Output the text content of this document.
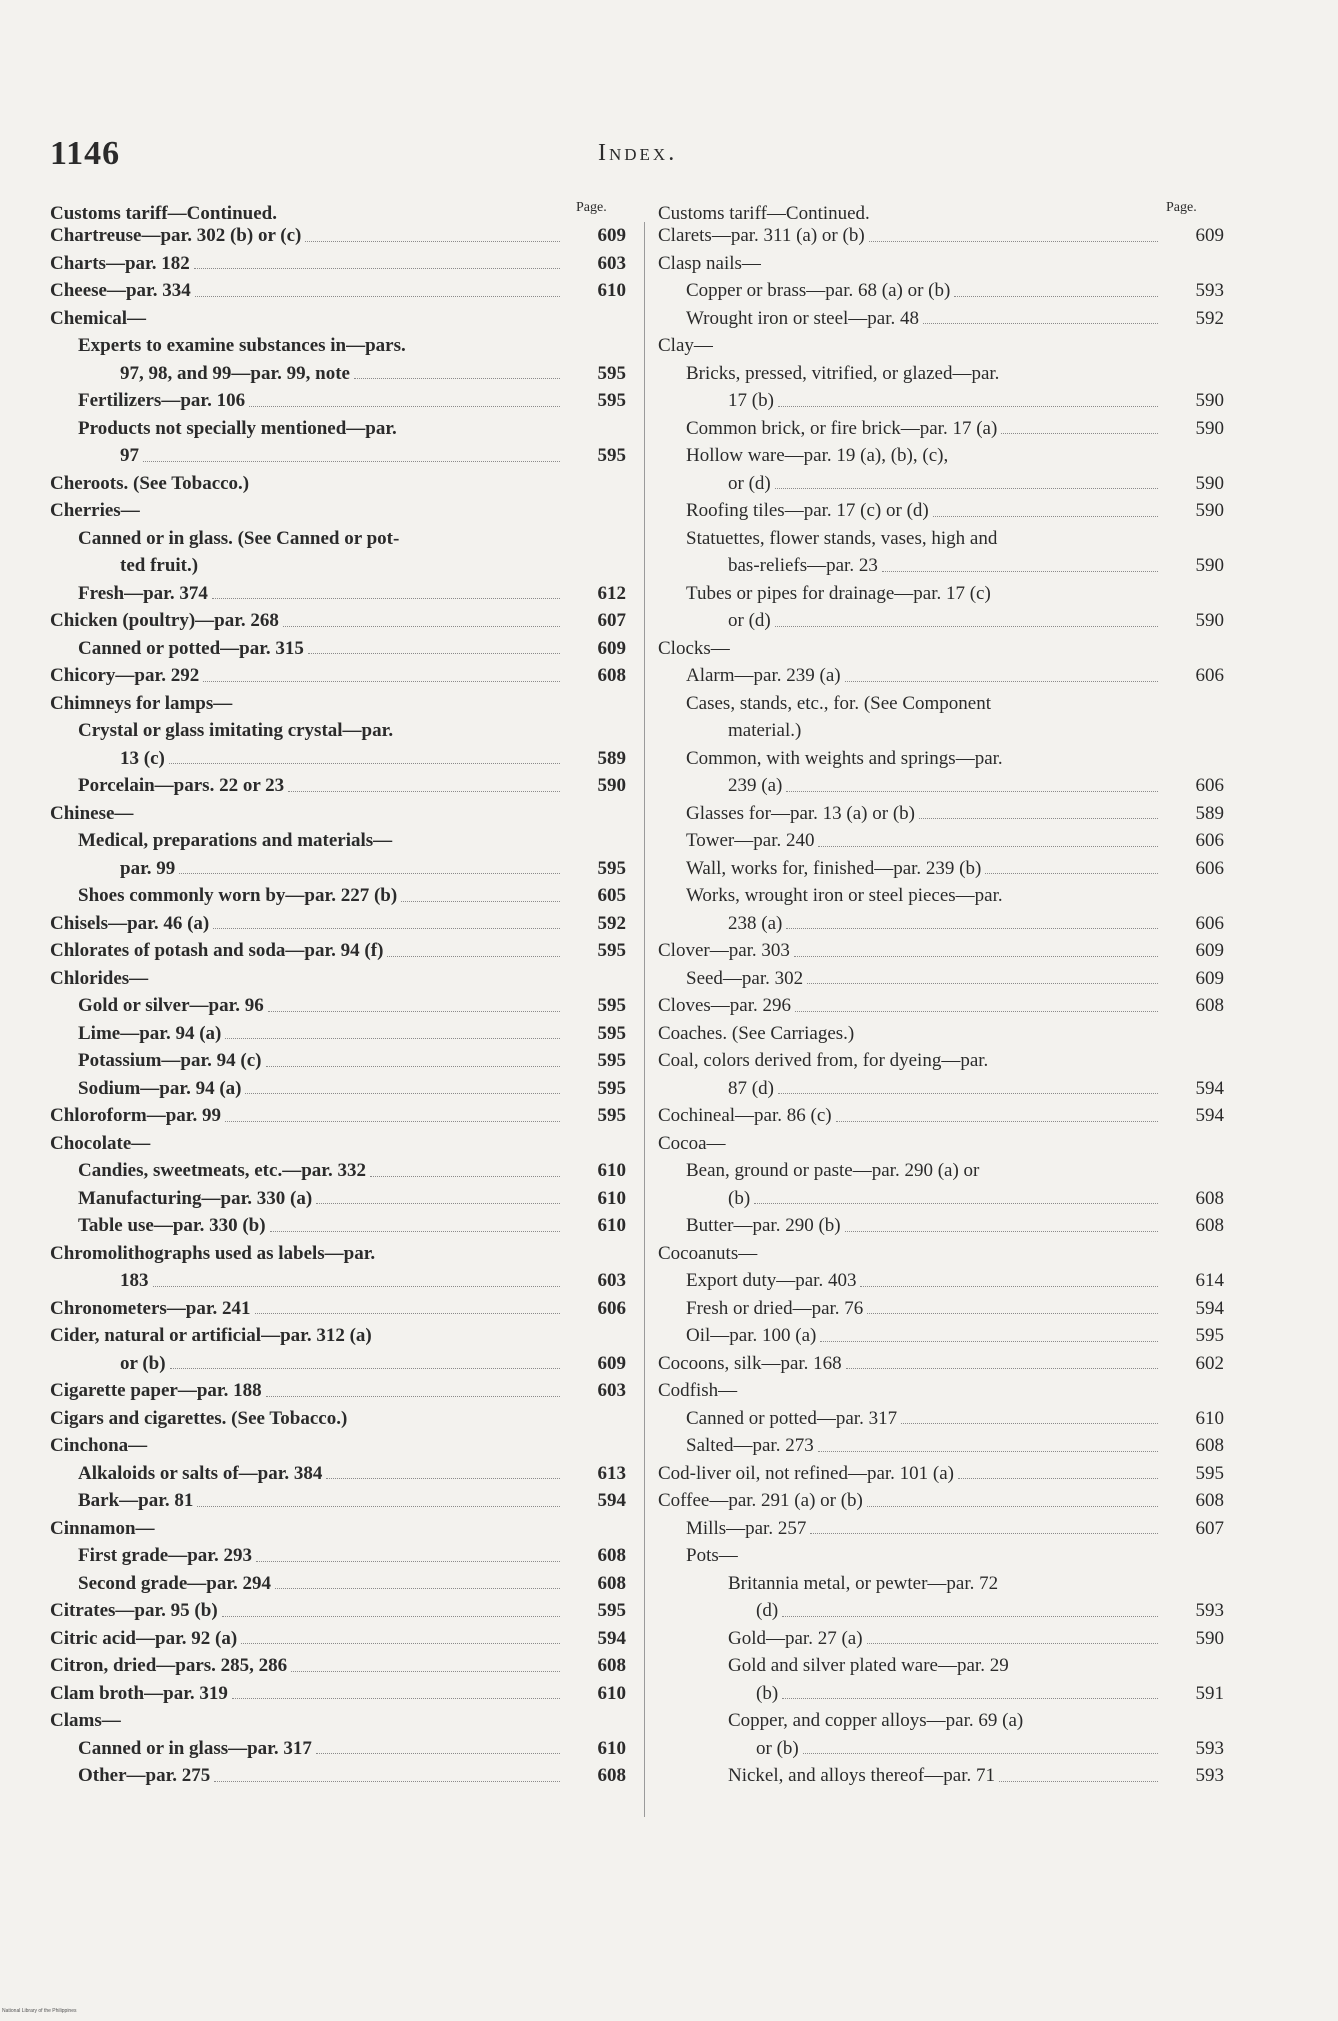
1146	Index.
Customs tariff—Continued.
Chartreuse—par. 302 (b) or (c)	609
Charts—par. 182	603
Cheese—par. 334	610
Chemical—
Experts to examine substances in—pars.
97, 98, and 99—par. 99, note	595
Fertilizers—par. 106	595
Products not specially mentioned—par.
97	595
Cheroots. (See Tobacco.)
Cherries—
Canned or in glass. (See Canned or pot-
ted fruit.)
Fresh—par. 374	612
Chicken (poultry)—par. 268	607
Canned or potted—par. 315	609
Chicory—par. 292	608
Chimneys for lamps—
Crystal or glass imitating crystal—par.
13 (c)	589
Porcelain—pars. 22 or 23	590
Chinese—
Medical, preparations and materials—
par. 99	595
Shoes commonly worn by—par. 227 (b)	605
Chisels—par. 46 (a)	592
Chlorates of potash and soda—par. 94 (f)	595
Chlorides—
Gold or silver—par. 96	595
Lime—par. 94 (a)	595
Potassium—par. 94 (c)	595
Sodium—par. 94 (a)	595
Chloroform—par. 99	595
Chocolate—
Candies, sweetmeats, etc.—par. 332	610
Manufacturing—par. 330 (a)	610
Table use—par. 330 (b)	610
Chromolithographs used as labels—par.
183	603
Chronometers—par. 241	606
Cider, natural or artificial—par. 312 (a)
or (b)	609
Cigarette paper—par. 188	603
Cigars and cigarettes. (See Tobacco.)
Cinchona—
Alkaloids or salts of—par. 384	613
Bark—par. 81	594
Cinnamon—
First grade—par. 293	608
Second grade—par. 294	608
Citrates—par. 95 (b)	595
Citric acid—par. 92 (a)	594
Citron, dried—pars. 285, 286	608
Clam broth—par. 319	610
Clams—
Canned or in glass—par. 317	610
Other—par. 275	608
Page.	Customs tariff—Continued.
Clarets—par. 311 (a) or (b)	609
Clasp nails—
Copper or brass—par. 68 (a) or (b)	593
Wrought iron or steel—par. 48	592
Clay—
Bricks, pressed, vitrified, or glazed—par.
17 (b)	590
Common brick, or fire brick—par. 17 (a)	590
Hollow ware—par. 19 (a), (b), (c),
or (d)	590
Roofing tiles—par. 17 (c) or (d)	590
Statuettes, flower stands, vases, high and
bas-reliefs—par. 23	590
Tubes or pipes for drainage—par. 17 (c)
or (d)	590
Clocks—
Alarm—par. 239 (a)	606
Cases, stands, etc., for. (See Component
material.)
Common, with weights and springs—par.
239 (a)	606
Glasses for—par. 13 (a) or (b)	589
Tower—par. 240	606
Wall, works for, finished—par. 239 (b)	606
Works, wrought iron or steel pieces—par.
238 (a)	606
Clover—par. 303	609
Seed—par. 302	609
Cloves—par. 296	608
Coaches. (See Carriages.)
Coal, colors derived from, for dyeing—par.
87 (d)	594
Cochineal—par. 86 (c)	594
Cocoa—
Bean, ground or paste—par. 290 (a) or
(b)	608
Butter—par. 290 (b)	608
Cocoanuts—
Export duty—par. 403	614
Fresh or dried—par. 76	594
Oil—par. 100 (a)	595
Cocoons, silk—par. 168	602
Codfish—
Canned or potted—par. 317	610
Salted—par. 273	608
Cod-liver oil, not refined—par. 101 (a)	595
Coffee—par. 291 (a) or (b)	608
Mills—par. 257	607
Pots—
Britannia metal, or pewter—par. 72
(d)	593
Gold—par. 27 (a)	590
Gold and silver plated ware—par. 29
(b)	591
Copper, and copper alloys—par. 69 (a)
or (b)	593
Nickel, and alloys thereof—par. 71	593
Page.
National Library of the Philippines
